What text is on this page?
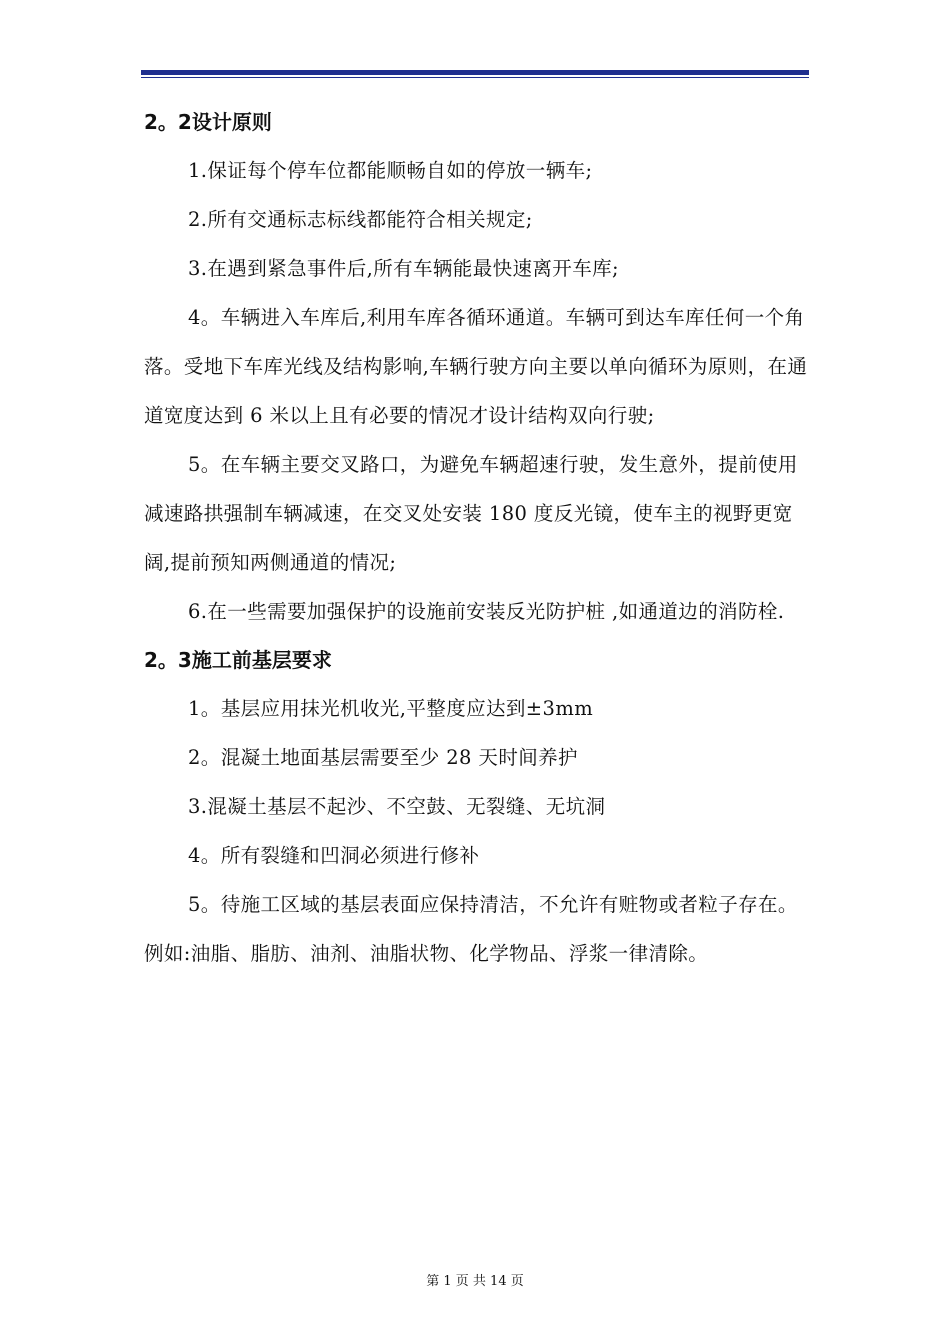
2。2设计原则

1.保证每个停车位都能顺畅自如的停放一辆车;

2.所有交通标志标线都能符合相关规定;

3.在遇到紧急事件后,所有车辆能最快速离开车库;

4。车辆进入车库后,利用车库各循环通道。车辆可到达车库任何一个角落。受地下车库光线及结构影响,车辆行驶方向主要以单向循环为原则，在通道宽度达到 6 米以上且有必要的情况才设计结构双向行驶;

5。在车辆主要交叉路口，为避免车辆超速行驶，发生意外，提前使用减速路拱强制车辆减速，在交叉处安装 180 度反光镜，使车主的视野更宽阔,提前预知两侧通道的情况;

6.在一些需要加强保护的设施前安装反光防护桩 ,如通道边的消防栓.

2。3施工前基层要求

1。基层应用抹光机收光,平整度应达到±3mm

2。混凝土地面基层需要至少 28 天时间养护

3.混凝土基层不起沙、不空鼓、无裂缝、无坑洞

4。所有裂缝和凹洞必须进行修补

5。待施工区域的基层表面应保持清洁，不允许有赃物或者粒子存在。例如:油脂、脂肪、油剂、油脂状物、化学物品、浮浆一律清除。

第 1 页 共 14 页
